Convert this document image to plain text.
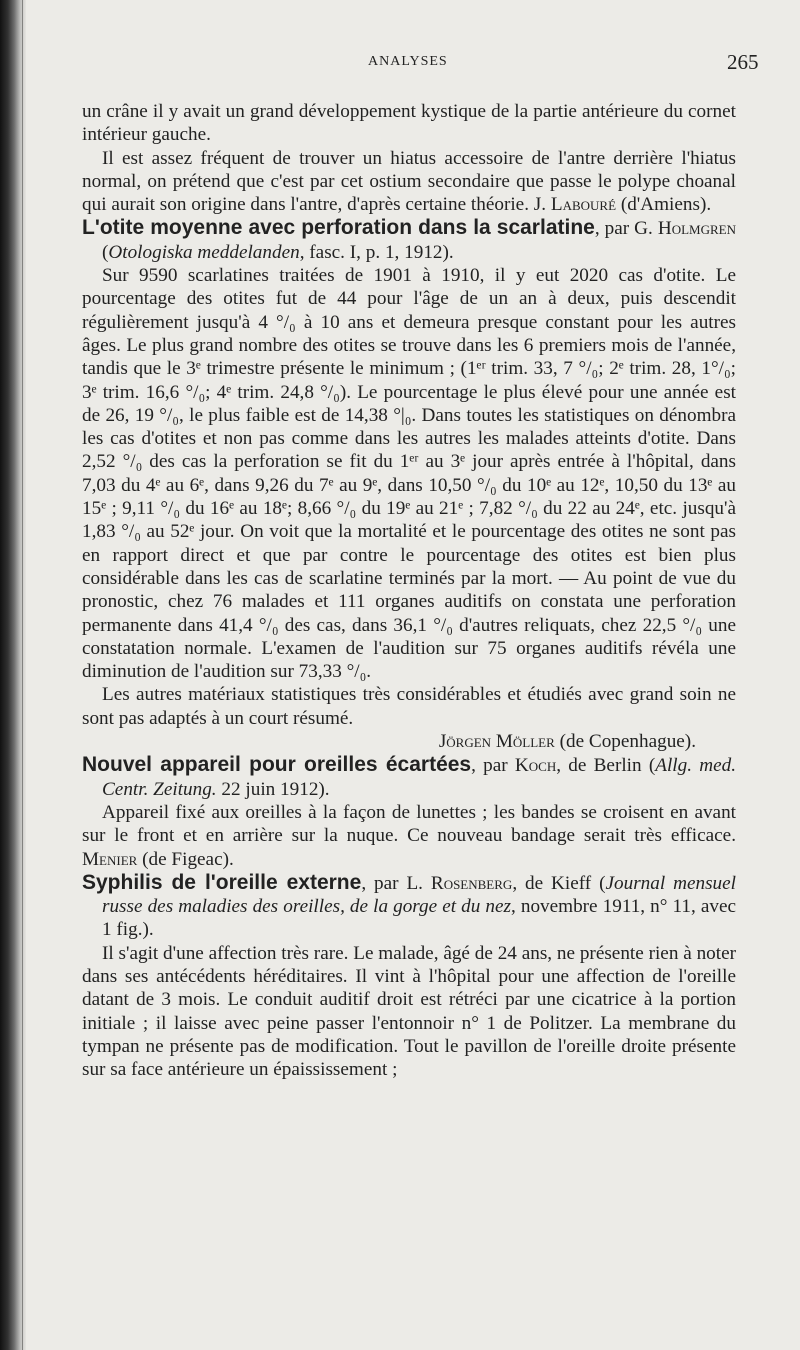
ANALYSES	265

un crâne il y avait un grand développement kystique de la partie antérieure du cornet intérieur gauche.

Il est assez fréquent de trouver un hiatus accessoire de l'antre derrière l'hiatus normal, on prétend que c'est par cet ostium secondaire que passe le polype choanal qui aurait son origine dans l'antre, d'après certaine théorie. J. Labouré (d'Amiens).

L'otite moyenne avec perforation dans la scarlatine, par G. Holmgren (Otologiska meddelanden, fasc. I, p. 1, 1912).

Sur 9590 scarlatines traitées de 1901 à 1910, il y eut 2020 cas d'otite. Le pourcentage des otites fut de 44 pour l'âge de un an à deux, puis descendit régulièrement jusqu'à 4 °/₀ à 10 ans et demeura presque constant pour les autres âges. Le plus grand nombre des otites se trouve dans les 6 premiers mois de l'année, tandis que le 3ᵉ trimestre présente le minimum ; (1ᵉʳ trim. 33, 7 °/₀; 2ᵉ trim. 28, 1°/₀; 3ᵉ trim. 16,6 °/₀; 4ᵉ trim. 24,8 °/₀). Le pourcentage le plus élevé pour une année est de 26, 19 °/₀, le plus faible est de 14,38 °|₀. Dans toutes les statistiques on dénombra les cas d'otites et non pas comme dans les autres les malades atteints d'otite. Dans 2,52 °/₀ des cas la perforation se fit du 1ᵉʳ au 3ᵉ jour après entrée à l'hôpital, dans 7,03 du 4ᵉ au 6ᵉ, dans 9,26 du 7ᵉ au 9ᵉ, dans 10,50 °/₀ du 10ᵉ au 12ᵉ, 10,50 du 13ᵉ au 15ᵉ ; 9,11 °/₀ du 16ᵉ au 18ᵉ; 8,66 °/₀ du 19ᵉ au 21ᵉ ; 7,82 °/₀ du 22 au 24ᵉ, etc. jusqu'à 1,83 °/₀ au 52ᵉ jour. On voit que la mortalité et le pourcentage des otites ne sont pas en rapport direct et que par contre le pourcentage des otites est bien plus considérable dans les cas de scarlatine terminés par la mort. — Au point de vue du pronostic, chez 76 malades et 111 organes auditifs on constata une perforation permanente dans 41,4 °/₀ des cas, dans 36,1 °/₀ d'autres reliquats, chez 22,5 °/₀ une constatation normale. L'examen de l'audition sur 75 organes auditifs révéla une diminution de l'audition sur 73,33 °/₀.

Les autres matériaux statistiques très considérables et étudiés avec grand soin ne sont pas adaptés à un court résumé.

Jörgen Möller (de Copenhague).

Nouvel appareil pour oreilles écartées, par Koch, de Berlin (Allg. med. Centr. Zeitung. 22 juin 1912).

Appareil fixé aux oreilles à la façon de lunettes ; les bandes se croisent en avant sur le front et en arrière sur la nuque. Ce nouveau bandage serait très efficace. Menier (de Figeac).

Syphilis de l'oreille externe, par L. Rosenberg, de Kieff (Journal mensuel russe des maladies des oreilles, de la gorge et du nez, novembre 1911, n° 11, avec 1 fig.).

Il s'agit d'une affection très rare. Le malade, âgé de 24 ans, ne présente rien à noter dans ses antécédents héréditaires. Il vint à l'hôpital pour une affection de l'oreille datant de 3 mois. Le conduit auditif droit est rétréci par une cicatrice à la portion initiale ; il laisse avec peine passer l'entonnoir n° 1 de Politzer. La membrane du tympan ne présente pas de modification. Tout le pavillon de l'oreille droite présente sur sa face antérieure un épaississement ;
